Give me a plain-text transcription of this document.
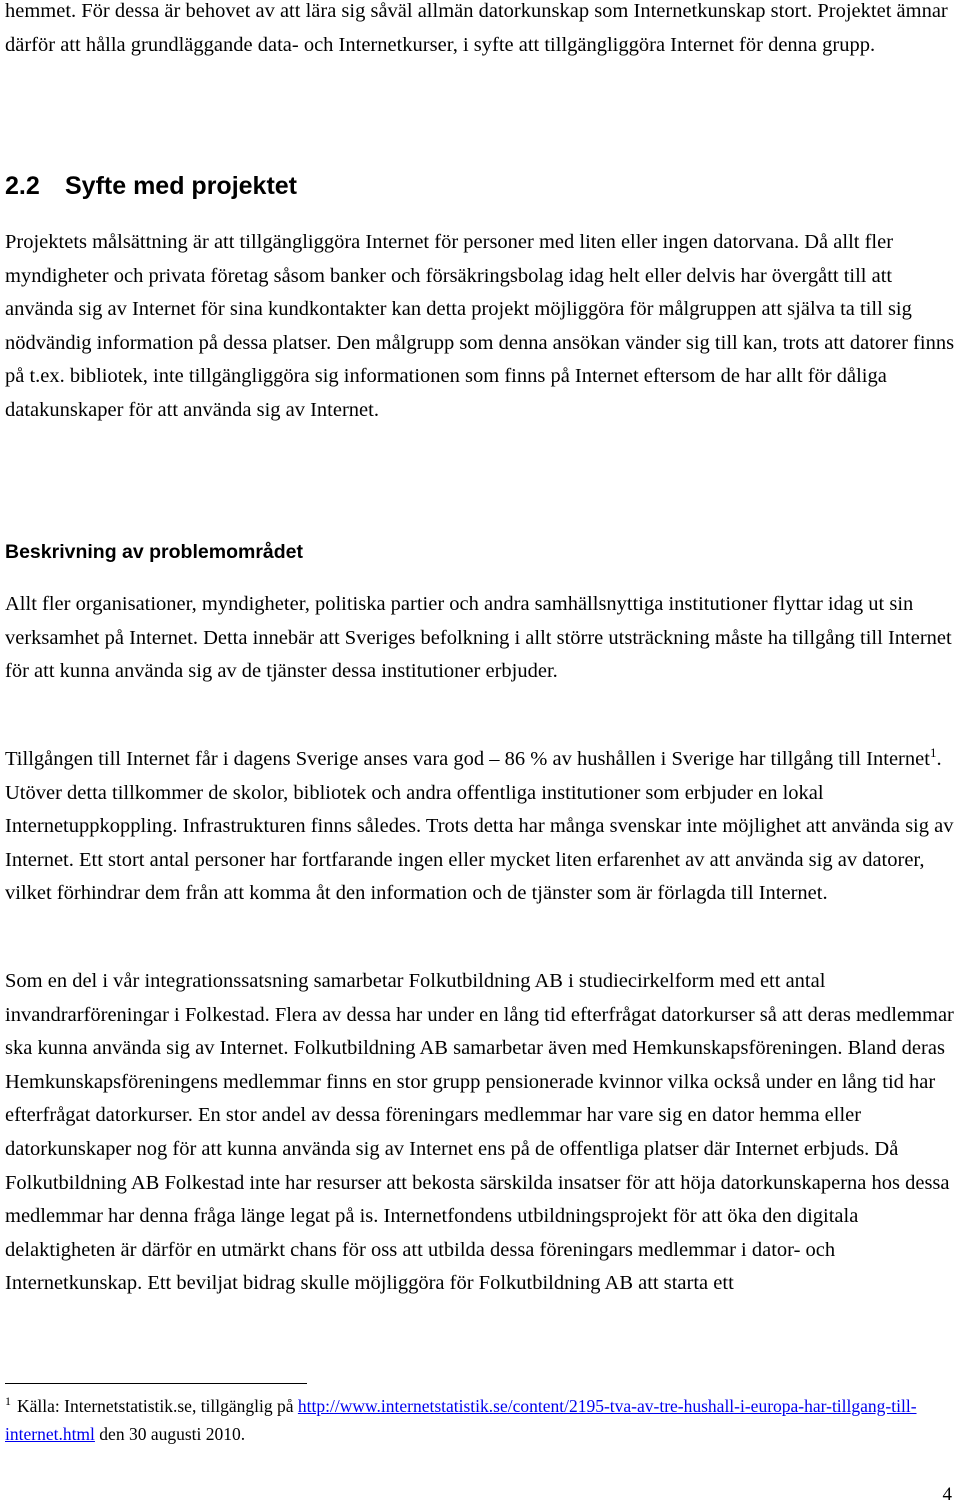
hemmet. För dessa är behovet av att lära sig såväl allmän datorkunskap som Internetkunskap stort. Projektet ämnar därför att hålla grundläggande data- och Internetkurser, i syfte att tillgängliggöra Internet för denna grupp.

2.2 Syfte med projektet

Projektets målsättning är att tillgängliggöra Internet för personer med liten eller ingen datorvana. Då allt fler myndigheter och privata företag såsom banker och försäkringsbolag idag helt eller delvis har övergått till att använda sig av Internet för sina kundkontakter kan detta projekt möjliggöra för målgruppen att själva ta till sig nödvändig information på dessa platser. Den målgrupp som denna ansökan vänder sig till kan, trots att datorer finns på t.ex. bibliotek, inte tillgängliggöra sig informationen som finns på Internet eftersom de har allt för dåliga datakunskaper för att använda sig av Internet.

Beskrivning av problemområdet

Allt fler organisationer, myndigheter, politiska partier och andra samhällsnyttiga institutioner flyttar idag ut sin verksamhet på Internet. Detta innebär att Sveriges befolkning i allt större utsträckning måste ha tillgång till Internet för att kunna använda sig av de tjänster dessa institutioner erbjuder.

Tillgången till Internet får i dagens Sverige anses vara god – 86 % av hushållen i Sverige har tillgång till Internet$^1$. Utöver detta tillkommer de skolor, bibliotek och andra offentliga institutioner som erbjuder en lokal Internetuppkoppling. Infrastrukturen finns således. Trots detta har många svenskar inte möjlighet att använda sig av Internet. Ett stort antal personer har fortfarande ingen eller mycket liten erfarenhet av att använda sig av datorer, vilket förhindrar dem från att komma åt den information och de tjänster som är förlagda till Internet.

Som en del i vår integrationssatsning samarbetar Folkutbildning AB i studiecirkelform med ett antal invandrarföreningar i Folkestad. Flera av dessa har under en lång tid efterfrågat datorkurser så att deras medlemmar ska kunna använda sig av Internet. Folkutbildning AB samarbetar även med Hemkunskapsföreningen. Bland deras Hemkunskapsföreningens medlemmar finns en stor grupp pensionerade kvinnor vilka också under en lång tid har efterfrågat datorkurser. En stor andel av dessa föreningars medlemmar har vare sig en dator hemma eller datorkunskaper nog för att kunna använda sig av Internet ens på de offentliga platser där Internet erbjuds. Då Folkutbildning AB Folkestad inte har resurser att bekosta särskilda insatser för att höja datorkunskaperna hos dessa medlemmar har denna fråga länge legat på is. Internetfondens utbildningsprojekt för att öka den digitala delaktigheten är därför en utmärkt chans för oss att utbilda dessa föreningars medlemmar i dator- och Internetkunskap. Ett beviljat bidrag skulle möjliggöra för Folkutbildning AB att starta ett

$^1$ Källa: Internetstatistik.se, tillgänglig på http://www.internetstatistik.se/content/2195-tva-av-tre-hushall-i-europa-har-tillgang-till-internet.html den 30 augusti 2010.

4
